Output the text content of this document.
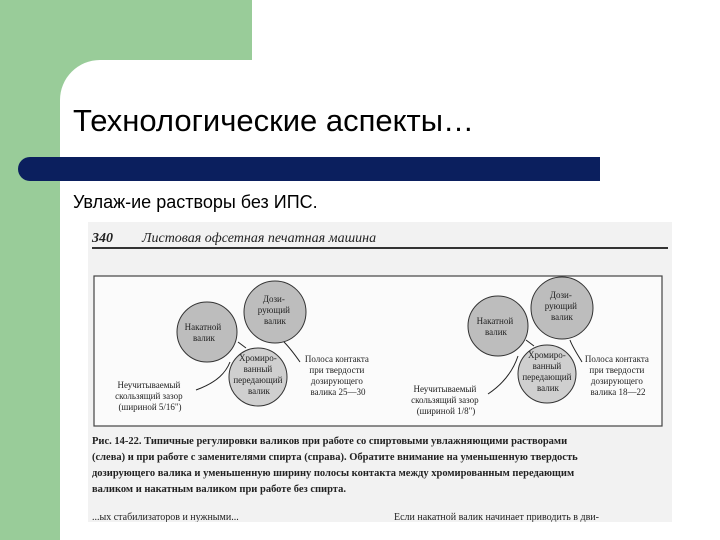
Технологические аспекты…
Увлаж-ие растворы без ИПС.
340 Листовая офсетная печатная машина
Дози- рующий валик
Накатной валик
Хромиро- ванный передающий валик
Полоса контакта при твердости дозирующего валика 25—30
Неучитываемый скользящий зазор (шириной 5/16")
Дози- рующий валик
Накатной валик
Хромиро- ванный передающий валик
Полоса контакта при твердости дозирующего валика 18—22
Неучитываемый скользящий зазор (шириной 1/8")
Рис. 14-22. Типичные регулировки валиков при работе со спиртовыми увлажняющими растворами (слева) и при работе с заменителями спирта (справа). Обратите внимание на уменьшенную твердость дозирующего валика и уменьшенную ширину полосы контакта между хромированным передающим валиком и накатным валиком при работе без спирта.
...ых стабилизаторов и нужными...	Если накатной валик начинает приводить в дви-
